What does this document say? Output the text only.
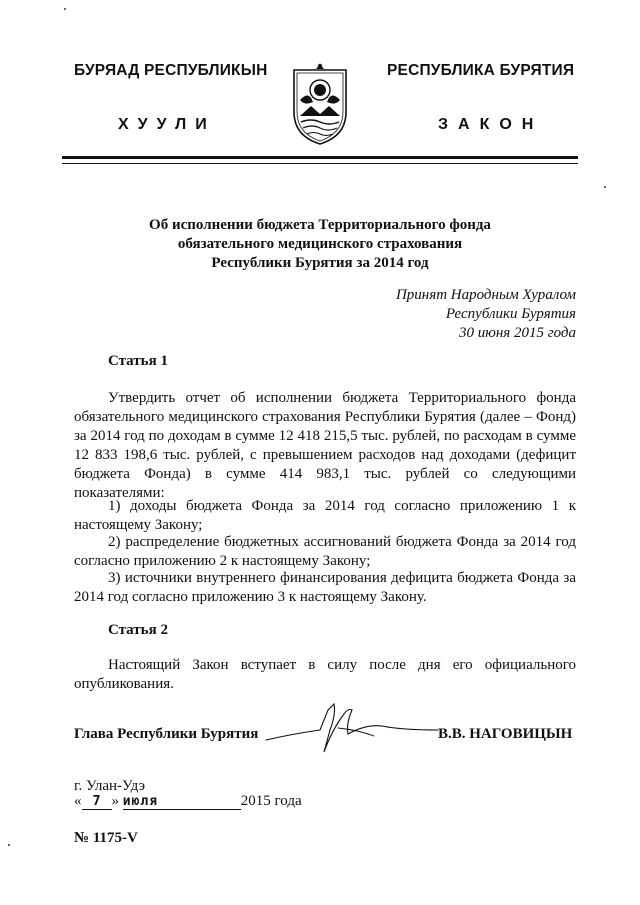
БУРЯАД РЕСПУБЛИКЫН
ХУУЛИ
РЕСПУБЛИКА БУРЯТИЯ
ЗАКОН
Об исполнении бюджета Территориального фонда
обязательного медицинского страхования
Республики Бурятия за 2014 год
Принят Народным Хуралом
Республики Бурятия
30 июня 2015 года
Статья 1
Утвердить отчет об исполнении бюджета Территориального фонда обязательного медицинского страхования Республики Бурятия (далее – Фонд) за 2014 год по доходам в сумме 12 418 215,5 тыс. рублей, по расходам в сумме 12 833 198,6 тыс. рублей, с превышением расходов над доходами (дефицит бюджета Фонда) в сумме 414 983,1 тыс. рублей со следующими показателями:
1) доходы бюджета Фонда за 2014 год согласно приложению 1 к настоящему Закону;
2) распределение бюджетных ассигнований бюджета Фонда за 2014 год согласно приложению 2 к настоящему Закону;
3) источники внутреннего финансирования дефицита бюджета Фонда за 2014 год согласно приложению 3 к настоящему Закону.
Статья 2
Настоящий Закон вступает в силу после дня его официального опубликования.
Глава Республики Бурятия	В.В. НАГОВИЦЫН
г. Улан-Удэ
« 7 » июля	2015 года
№ 1175-V
